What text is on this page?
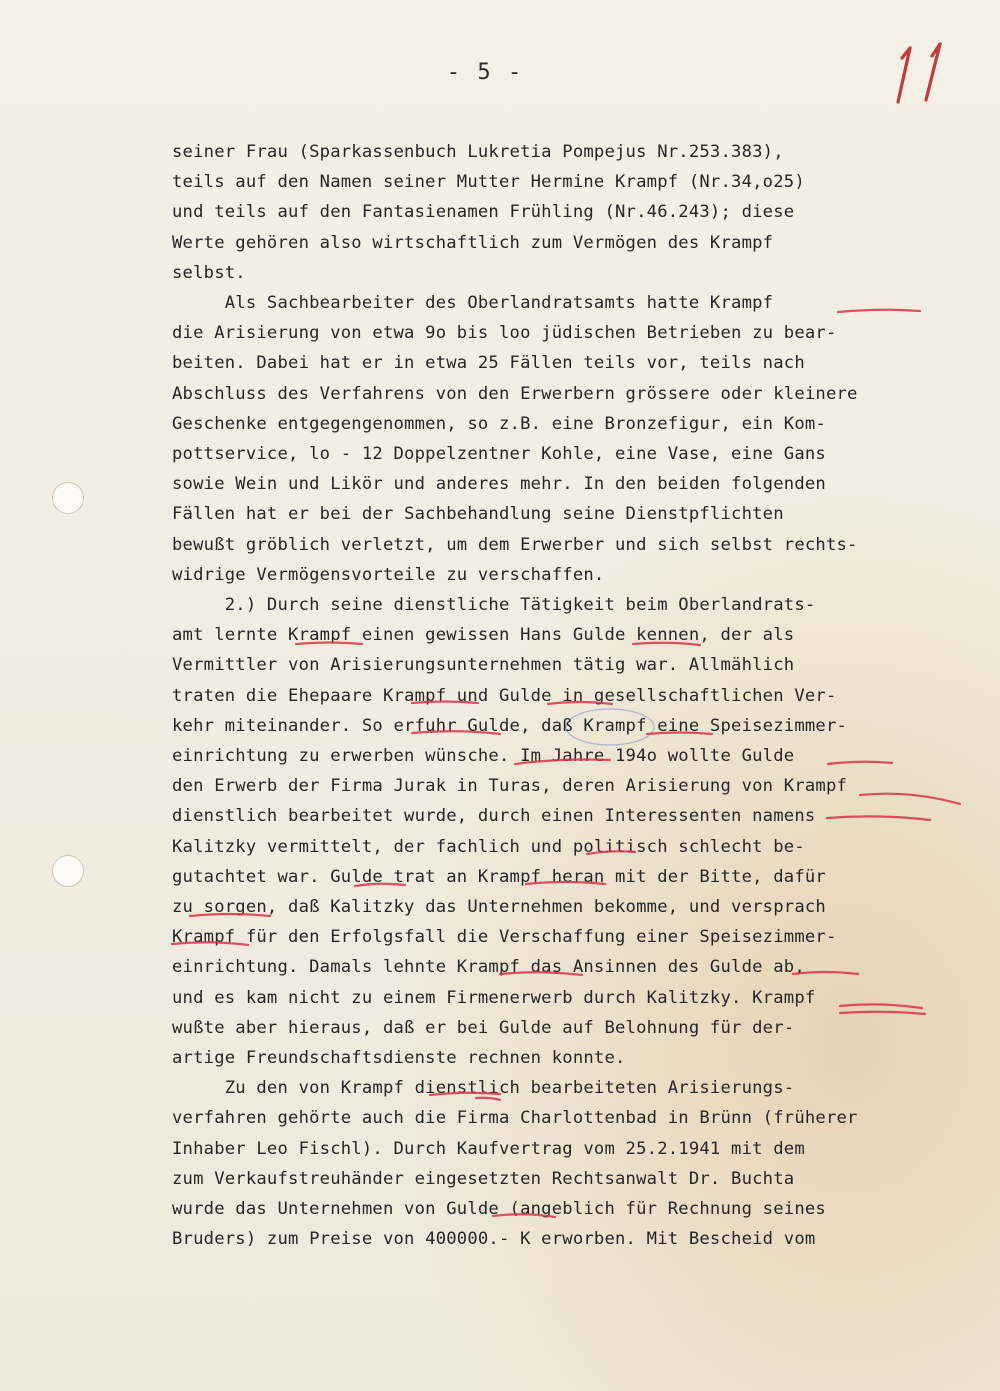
- 5 -
seiner Frau (Sparkassenbuch Lukretia Pompejus Nr.253.383),
teils auf den Namen seiner Mutter Hermine Krampf (Nr.34,o25)
und teils auf den Fantasienamen Frühling (Nr.46.243); diese
Werte gehören also wirtschaftlich zum Vermögen des Krampf
selbst.
Als Sachbearbeiter des Oberlandratsamts hatte Krampf
die Arisierung von etwa 9o bis loo jüdischen Betrieben zu bear-
beiten. Dabei hat er in etwa 25 Fällen teils vor, teils nach
Abschluss des Verfahrens von den Erwerbern grössere oder kleinere
Geschenke entgegengenommen, so z.B. eine Bronzefigur, ein Kom-
pottservice, lo - 12 Doppelzentner Kohle, eine Vase, eine Gans
sowie Wein und Likör und anderes mehr. In den beiden folgenden
Fällen hat er bei der Sachbehandlung seine Dienstpflichten
bewußt gröblich verletzt, um dem Erwerber und sich selbst rechts-
widrige Vermögensvorteile zu verschaffen.
2.) Durch seine dienstliche Tätigkeit beim Oberlandrats-
amt lernte Krampf einen gewissen Hans Gulde kennen, der als
Vermittler von Arisierungsunternehmen tätig war. Allmählich
traten die Ehepaare Krampf und Gulde in gesellschaftlichen Ver-
kehr miteinander. So erfuhr Gulde, daß Krampf eine Speisezimmer-
einrichtung zu erwerben wünsche. Im Jahre 194o wollte Gulde
den Erwerb der Firma Jurak in Turas, deren Arisierung von Krampf
dienstlich bearbeitet wurde, durch einen Interessenten namens
Kalitzky vermittelt, der fachlich und politisch schlecht be-
gutachtet war. Gulde trat an Krampf heran mit der Bitte, dafür
zu sorgen, daß Kalitzky das Unternehmen bekomme, und versprach
Krampf für den Erfolgsfall die Verschaffung einer Speisezimmer-
einrichtung. Damals lehnte Krampf das Ansinnen des Gulde ab,
und es kam nicht zu einem Firmenerwerb durch Kalitzky. Krampf
wußte aber hieraus, daß er bei Gulde auf Belohnung für der-
artige Freundschaftsdienste rechnen konnte.
Zu den von Krampf dienstlich bearbeiteten Arisierungs-
verfahren gehörte auch die Firma Charlottenbad in Brünn (früherer
Inhaber Leo Fischl). Durch Kaufvertrag vom 25.2.1941 mit dem
zum Verkaufstreuhänder eingesetzten Rechtsanwalt Dr. Buchta
wurde das Unternehmen von Gulde (angeblich für Rechnung seines
Bruders) zum Preise von 400000.- K erworben. Mit Bescheid vom
